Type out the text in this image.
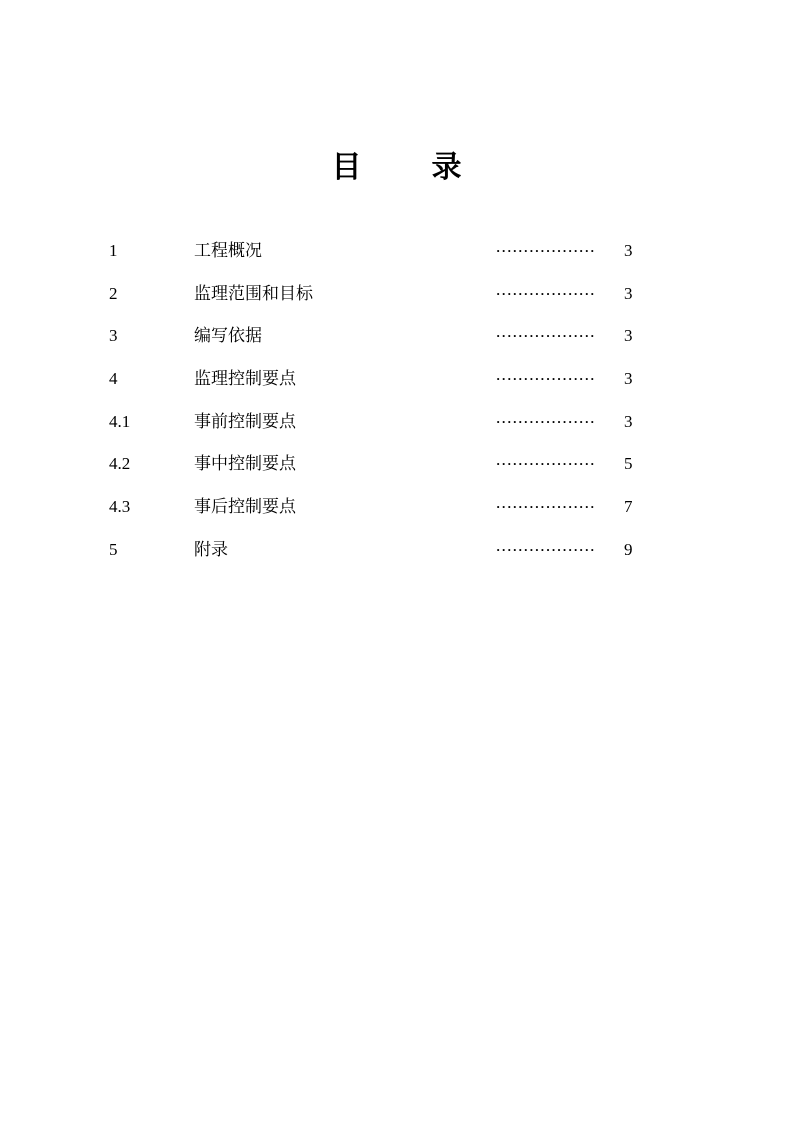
目 录
1	工程概况	·················· 3
2	监理范围和目标	·················· 3
3	编写依据	·················· 3
4	监理控制要点	·················· 3
4.1	事前控制要点	·················· 3
4.2	事中控制要点	·················· 5
4.3	事后控制要点	·················· 7
5	附录	·················· 9
